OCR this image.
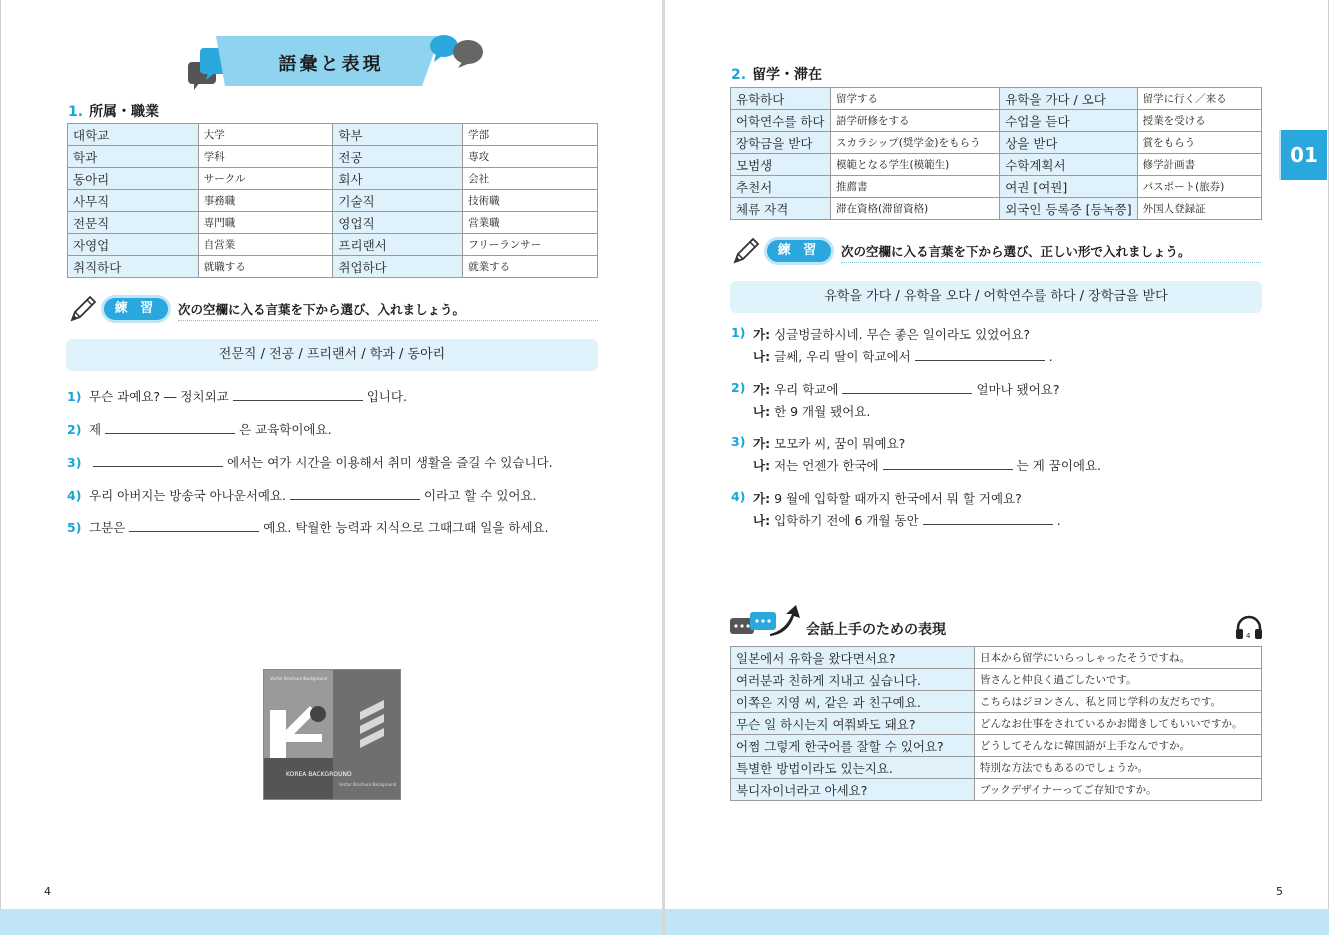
語彙と表現
1. 所属・職業
대학교	大学	학부	学部
학과	学科	전공	専攻
동아리	サークル	회사	会社
사무직	事務職	기술직	技術職
전문직	専門職	영업직	営業職
자영업	自営業	프리랜서	フリーランサー
취직하다	就職する	취업하다	就業する
練 習	次の空欄に入る言葉を下から選び、入れましょう。
전문직 / 전공 / 프리랜서 / 학과 / 동아리
1) 무슨 과예요? ― 정치외교	입니다.
2) 제	은 교육학이에요.
3)	에서는 여가 시간을 이용해서 취미 생활을 즐길 수 있습니다.
4) 우리 아버지는 방송국 아나운서예요.	이라고 할 수 있어요.
5) 그분은	예요. 탁월한 능력과 지식으로 그때그때 일을 하세요.
Vector Brochure Background
KOREA BACKGROUND
Vector Brochure Background
4	5
01
2. 留学・滞在
유학하다	留学する	유학을 가다 / 오다	留学に行く／来る
어학연수를 하다	語学研修をする	수업을 듣다	授業を受ける
장학금을 받다	スカラシップ(奨学金)をもらう	상을 받다	賞をもらう
모범생	模範となる学生(模範生)	수학계획서	修学計画書
추천서	推薦書	여권 [여꿘]	パスポート(旅券)
체류 자격	滞在資格(滞留資格)	외국인 등록증 [등녹쯩]	外国人登録証
練 習	次の空欄に入る言葉を下から選び、正しい形で入れましょう。
유학을 가다 / 유학을 오다 / 어학연수를 하다 / 장학금을 받다
1) 가: 싱글벙글하시네. 무슨 좋은 일이라도 있었어요?
나: 글쎄, 우리 딸이 학교에서	.
2) 가: 우리 학교에	얼마나 됐어요?
나: 한 9 개월 됐어요.
3) 가: 모모카 씨, 꿈이 뭐예요?
나: 저는 언젠가 한국에	는 게 꿈이에요.
4) 가: 9 월에 입학할 때까지 한국에서 뭐 할 거예요?
나: 입학하기 전에 6 개월 동안	.
会話上手のための表現	4
일본에서 유학을 왔다면서요?	日本から留学にいらっしゃったそうですね。
여러분과 친하게 지내고 싶습니다.	皆さんと仲良く過ごしたいです。
이쪽은 지영 씨, 같은 과 친구예요.	こちらはジヨンさん、私と同じ学科の友だちです。
무슨 일 하시는지 여쭤봐도 돼요?	どんなお仕事をされているかお聞きしてもいいですか。
어쩜 그렇게 한국어를 잘할 수 있어요?	どうしてそんなに韓国語が上手なんですか。
특별한 방법이라도 있는지요.	特別な方法でもあるのでしょうか。
북디자이너라고 아세요?	ブックデザイナーってご存知ですか。
